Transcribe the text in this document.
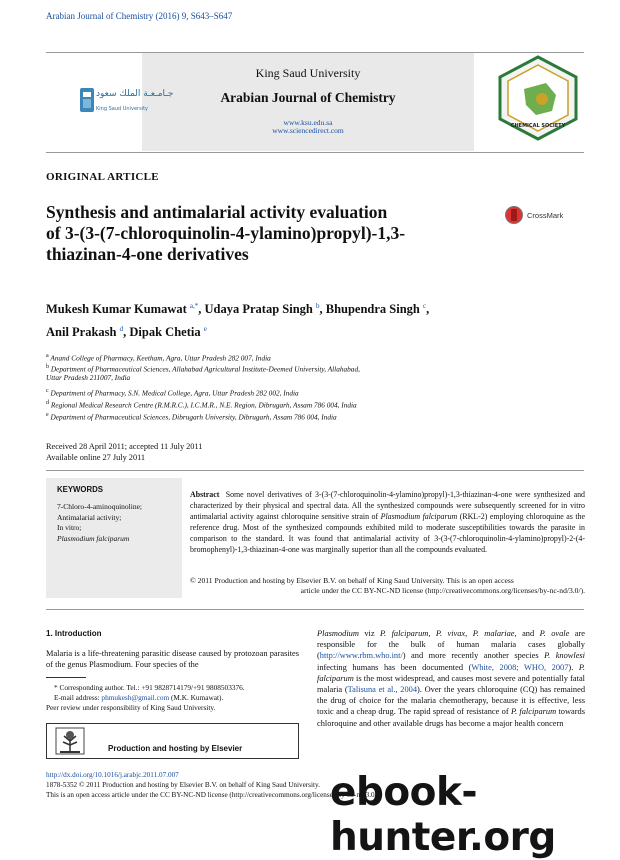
Arabian Journal of Chemistry (2016) 9, S643–S647
جـامـعـة الملك سعود
King Saud University
King Saud University
Arabian Journal of Chemistry
www.ksu.edu.sa
www.sciencedirect.com	CHEMICAL SOCIETY
ORIGINAL ARTICLE
Synthesis and antimalarial activity evaluation
of 3-(3-(7-chloroquinolin-4-ylamino)propyl)-1,3-
thiazinan-4-one derivatives
CrossMark
Mukesh Kumar Kumawat $^{a,*}$, Udaya Pratap Singh $^b$, Bhupendra Singh $^c$,
Anil Prakash $^d$, Dipak Chetia $^e$
$^a$ Anand College of Pharmacy, Keetham, Agra, Uttar Pradesh 282 007, India
$^b$ Department of Pharmaceutical Sciences, Allahabad Agricultural Institute-Deemed University, Allahabad,
Uttar Pradesh 211007, India
$^c$ Department of Pharmacy, S.N. Medical College, Agra, Uttar Pradesh 282 002, India
$^d$ Regional Medical Research Centre (R.M.R.C.), I.C.M.R., N.E. Region, Dibrugarh, Assam 786 004, India
$^e$ Department of Pharmaceutical Sciences, Dibrugarh University, Dibrugarh, Assam 786 004, India
Received 28 April 2011; accepted 11 July 2011
Available online 27 July 2011
KEYWORDS
7-Chloro-4-aminoquinoline;
Antimalarial activity;
In vitro;
Plasmodium falciparum
Abstract Some novel derivatives of 3-(3-(7-chloroquinolin-4-ylamino)propyl)-1,3-thiazinan-4-one were synthesized and characterized by their physical and spectral data. All the synthesized compounds were subsequently screened for in vitro antimalarial activity against chloroquine sensitive strain of Plasmodium falciparum (RKL-2) employing chloroquine as the reference drug. Most of the synthesized compounds exhibited mild to moderate susceptibilities towards the parasite in comparison to the standard. It was found that antimalarial activity of 3-(3-(7-chloroquinolin-4-ylamino)propyl)-2-(4-bromophenyl)-1,3-thiazinan-4-one was marginally superior than all the compounds evaluated.
© 2011 Production and hosting by Elsevier B.V. on behalf of King Saud University. This is an open access
article under the CC BY-NC-ND license (http://creativecommons.org/licenses/by-nc-nd/3.0/).
1. Introduction
Malaria is a life-threatening parasitic disease caused by protozoan parasites of the genus Plasmodium. Four species of the
Plasmodium viz P. falciparum, P. vivax, P. malariae, and P. ovale are responsible for the bulk of human malaria cases globally (http://www.rbm.who.int/) and more recently another species P. knowlesi infecting humans has been documented (White, 2008; WHO, 2007). P. falciparum is the most widespread, and causes most severe and potentially fatal malaria (Talisuna et al., 2004). Over the years chloroquine (CQ) has remained the drug of choice for the malaria chemotherapy, because it is effective, less toxic and a cheap drug. The rapid spread of resistance of P. falciparum towards chloroquine and other available drugs has become a major health concern
* Corresponding author. Tel.: +91 9828714179/+91 9808503376.
E-mail address: phmukesh@gmail.com (M.K. Kumawat).
Peer review under responsibility of King Saud University.
Production and hosting by Elsevier
http://dx.doi.org/10.1016/j.arabjc.2011.07.007
1878-5352 © 2011 Production and hosting by Elsevier B.V. on behalf of King Saud University.
This is an open access article under the CC BY-NC-ND license (http://creativecommons.org/licenses/by-nc-nd/3.0/).
ebook-hunter.org
